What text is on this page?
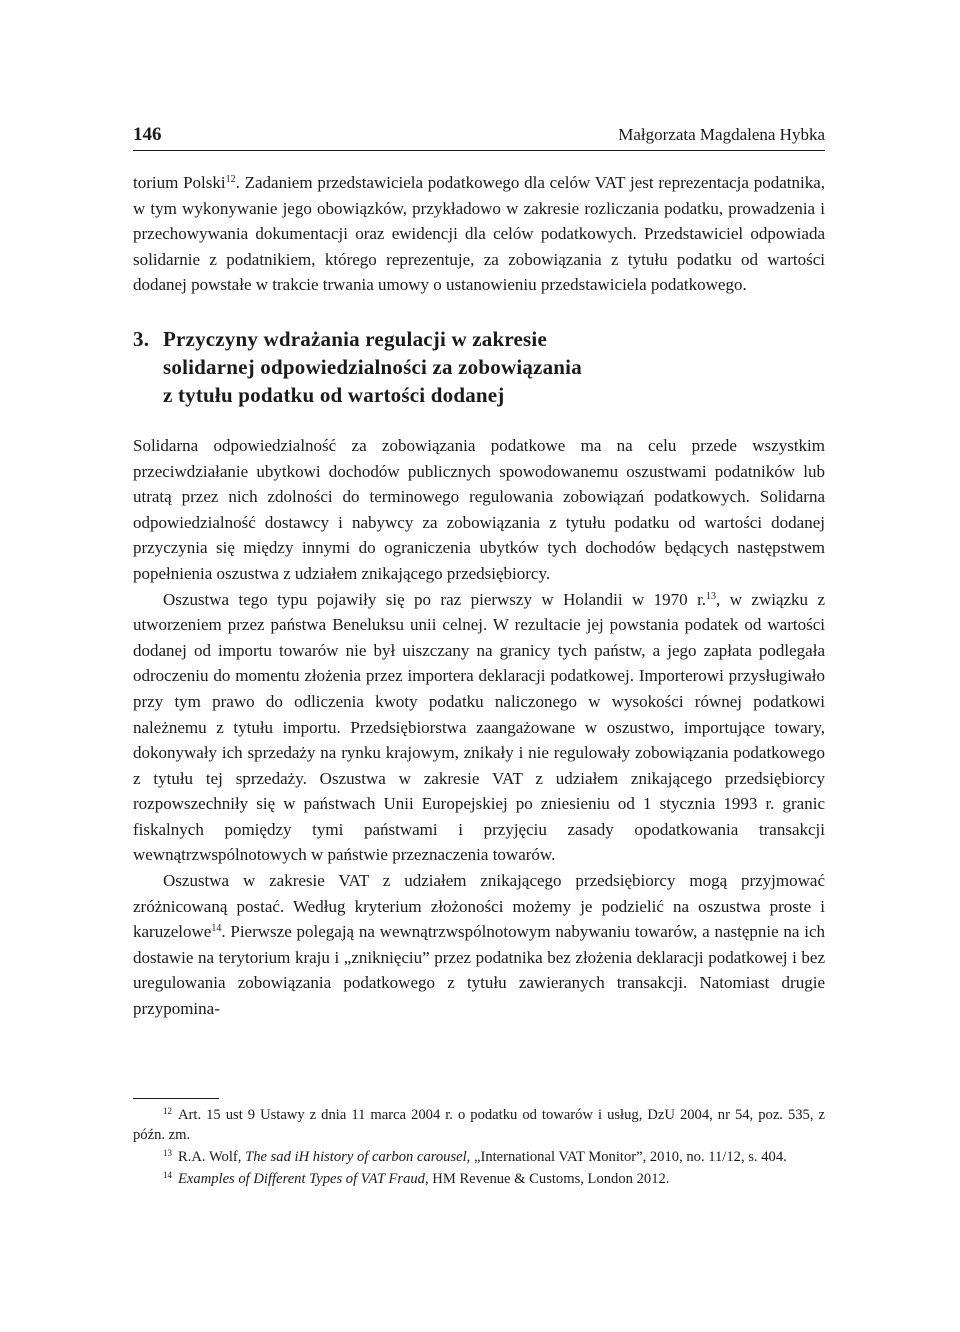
146	Małgorzata Magdalena Hybka

torium Polski$^{12}$. Zadaniem przedstawiciela podatkowego dla celów VAT jest reprezentacja podatnika, w tym wykonywanie jego obowiązków, przykładowo w zakresie rozliczania podatku, prowadzenia i przechowywania dokumentacji oraz ewidencji dla celów podatkowych. Przedstawiciel odpowiada solidarnie z podatnikiem, którego reprezentuje, za zobowiązania z tytułu podatku od wartości dodanej powstałe w trakcie trwania umowy o ustanowieniu przedstawiciela podatkowego.

3. Przyczyny wdrażania regulacji w zakresie
solidarnej odpowiedzialności za zobowiązania
z tytułu podatku od wartości dodanej

Solidarna odpowiedzialność za zobowiązania podatkowe ma na celu przede wszystkim przeciwdziałanie ubytkowi dochodów publicznych spowodowanemu oszustwami podatników lub utratą przez nich zdolności do terminowego regulowania zobowiązań podatkowych. Solidarna odpowiedzialność dostawcy i nabywcy za zobowiązania z tytułu podatku od wartości dodanej przyczynia się między innymi do ograniczenia ubytków tych dochodów będących następstwem popełnienia oszustwa z udziałem znikającego przedsiębiorcy.

Oszustwa tego typu pojawiły się po raz pierwszy w Holandii w 1970 r.$^{13}$, w związku z utworzeniem przez państwa Beneluksu unii celnej. W rezultacie jej powstania podatek od wartości dodanej od importu towarów nie był uiszczany na granicy tych państw, a jego zapłata podlegała odroczeniu do momentu złożenia przez importera deklaracji podatkowej. Importerowi przysługiwało przy tym prawo do odliczenia kwoty podatku naliczonego w wysokości równej podatkowi należnemu z tytułu importu. Przedsiębiorstwa zaangażowane w oszustwo, importujące towary, dokonywały ich sprzedaży na rynku krajowym, znikały i nie regulowały zobowiązania podatkowego z tytułu tej sprzedaży. Oszustwa w zakresie VAT z udziałem znikającego przedsiębiorcy rozpowszechniły się w państwach Unii Europejskiej po zniesieniu od 1 stycznia 1993 r. granic fiskalnych pomiędzy tymi państwami i przyjęciu zasady opodatkowania transakcji wewnątrzwspólnotowych w państwie przeznaczenia towarów.

Oszustwa w zakresie VAT z udziałem znikającego przedsiębiorcy mogą przyjmować zróżnicowaną postać. Według kryterium złożoności możemy je podzielić na oszustwa proste i karuzelowe$^{14}$. Pierwsze polegają na wewnątrzwspólnotowym nabywaniu towarów, a następnie na ich dostawie na terytorium kraju i „zniknięciu” przez podatnika bez złożenia deklaracji podatkowej i bez uregulowania zobowiązania podatkowego z tytułu zawieranych transakcji. Natomiast drugie przypomina-

$^{12}$ Art. 15 ust 9 Ustawy z dnia 11 marca 2004 r. o podatku od towarów i usług, DzU 2004, nr 54, poz. 535, z późn. zm.

$^{13}$ R.A. Wolf, The sad iH history of carbon carousel, „International VAT Monitor”, 2010, no. 11/12, s. 404.

$^{14}$ Examples of Different Types of VAT Fraud, HM Revenue & Customs, London 2012.
